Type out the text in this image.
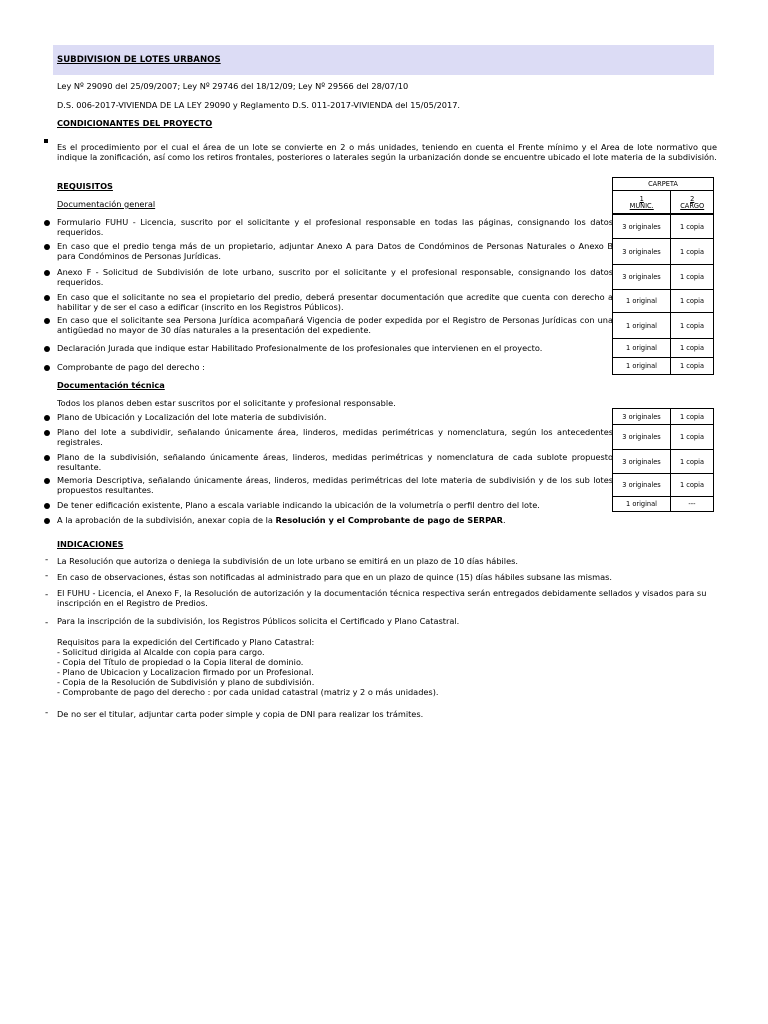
SUBDIVISION DE LOTES URBANOS
Ley Nº 29090 del 25/09/2007; Ley Nº 29746 del 18/12/09; Ley Nº 29566 del 28/07/10
D.S. 006-2017-VIVIENDA DE LA LEY 29090 y Reglamento D.S. 011-2017-VIVIENDA del 15/05/2017.
CONDICIONANTES DEL PROYECTO
Es el procedimiento por el cual el área de un lote se convierte en 2 o más unidades, teniendo en cuenta el Frente mínimo y el Area de lote normativo que indique la zonificación, así como los retiros frontales, posteriores o laterales según la urbanización donde se encuentre ubicado el lote materia de la subdivisión.
REQUISITOS
Documentación general
Formulario FUHU - Licencia, suscrito por el solicitante y el profesional responsable en todas las páginas, consignando los datos requeridos.
En caso que el predio tenga más de un propietario, adjuntar Anexo A para Datos de Condóminos de Personas Naturales o Anexo B para Condóminos de Personas Jurídicas.
Anexo F - Solicitud de Subdivisión de lote urbano, suscrito por el solicitante y el profesional responsable, consignando los datos requeridos.
En caso que el solicitante no sea el propietario del predio, deberá presentar documentación que acredite que cuenta con derecho a habilitar y de ser el caso a edificar (inscrito en los Registros Públicos).
En caso que el solicitante sea Persona Jurídica acompañará Vigencia de poder expedida por el Registro de Personas Jurídicas con una antigüedad no mayor de 30 días naturales a la presentación del expediente.
Declaración Jurada que indique estar Habilitado Profesionalmente de los profesionales que intervienen en el proyecto.
Comprobante de pago del derecho :
Documentación técnica
Todos los planos deben estar suscritos por el solicitante y profesional responsable.
Plano de Ubicación y Localización del lote materia de subdivisión.
Plano del lote a subdividir, señalando únicamente área, linderos, medidas perimétricas y nomenclatura, según los antecedentes registrales.
Plano de la subdivisión, señalando únicamente áreas, linderos, medidas perimétricas y nomenclatura de cada sublote propuesto resultante.
Memoria Descriptiva, señalando únicamente áreas, linderos, medidas perimétricas del lote materia de subdivisión y de los sub lotes propuestos resultantes.
De tener edificación existente, Plano a escala variable indicando la ubicación de la volumetría o perfil dentro del lote.
A la aprobación de la subdivisión, anexar copia de la Resolución y el Comprobante de pago de SERPAR.
CARPETA
1
MUNIC.
2
CARGO
3 originales	1 copia
3 originales	1 copia
3 originales	1 copia
1 original	1 copia
1 original	1 copia
1 original	1 copia
1 original	1 copia
3 originales	1 copia
3 originales	1 copia
3 originales	1 copia
3 originales	1 copia
1 original	---
INDICACIONES
- La Resolución que autoriza o deniega la subdivisión de un lote urbano se emitirá en un plazo de 10 días hábiles.
- En caso de observaciones, éstas son notificadas al administrado para que en un plazo de quince (15) días hábiles subsane las mismas.
- El FUHU - Licencia, el Anexo F, la Resolución de autorización y la documentación técnica respectiva serán entregados debidamente sellados y visados para su inscripción en el Registro de Predios.
- Para la inscripción de la subdivisión, los Registros Públicos solicita el Certificado y Plano Catastral.
Requisitos para la expedición del Certificado y Plano Catastral:
- Solicitud dirigida al Alcalde con copia para cargo.
- Copia del Título de propiedad o la Copia literal de dominio.
- Plano de Ubicacion y Localizacion firmado por un Profesional.
- Copia de la Resolución de Subdivisión y plano de subdivisión.
- Comprobante de pago del derecho : por cada unidad catastral (matriz y 2 o más unidades).
- De no ser el titular, adjuntar carta poder simple y copia de DNI para realizar los trámites.
